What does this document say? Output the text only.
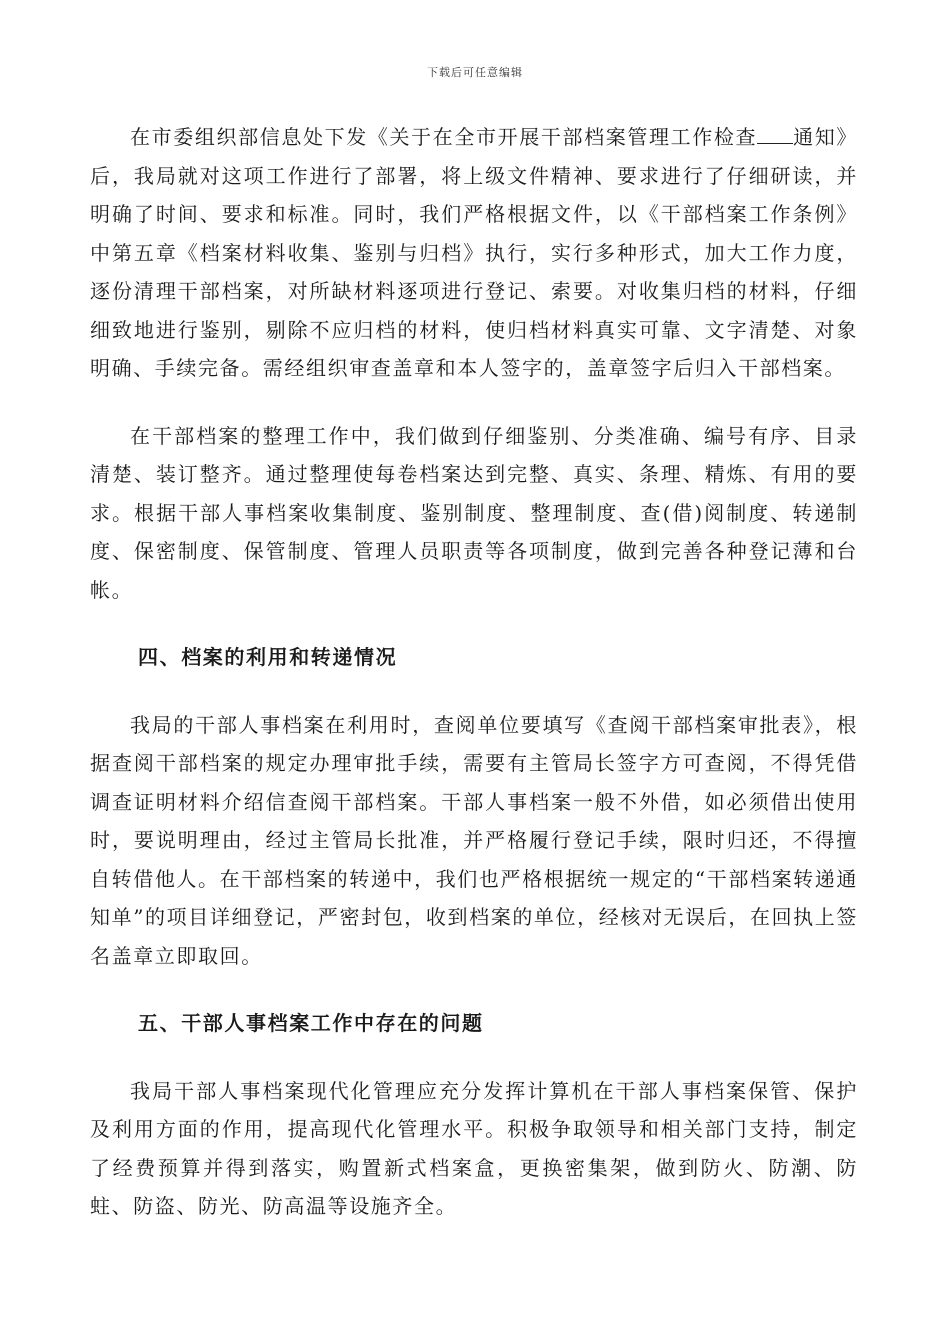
下载后可任意编辑

在市委组织部信息处下发《关于在全市开展干部档案管理工作检查 通知》后，我局就对这项工作进行了部署，将上级文件精神、要求进行了仔细研读，并明确了时间、要求和标准。同时，我们严格根据文件，以《干部档案工作条例》中第五章《档案材料收集、鉴别与归档》执行，实行多种形式，加大工作力度，逐份清理干部档案，对所缺材料逐项进行登记、索要。对收集归档的材料，仔细细致地进行鉴别，剔除不应归档的材料，使归档材料真实可靠、文字清楚、对象明确、手续完备。需经组织审查盖章和本人签字的，盖章签字后归入干部档案。

在干部档案的整理工作中，我们做到仔细鉴别、分类准确、编号有序、目录清楚、装订整齐。通过整理使每卷档案达到完整、真实、条理、精炼、有用的要求。根据干部人事档案收集制度、鉴别制度、整理制度、查(借)阅制度、转递制度、保密制度、保管制度、管理人员职责等各项制度，做到完善各种登记薄和台帐。

四、档案的利用和转递情况

我局的干部人事档案在利用时，查阅单位要填写《查阅干部档案审批表》，根据查阅干部档案的规定办理审批手续，需要有主管局长签字方可查阅，不得凭借调查证明材料介绍信查阅干部档案。干部人事档案一般不外借，如必须借出使用时，要说明理由，经过主管局长批准，并严格履行登记手续，限时归还，不得擅自转借他人。在干部档案的转递中，我们也严格根据统一规定的“干部档案转递通知单”的项目详细登记，严密封包，收到档案的单位，经核对无误后，在回执上签名盖章立即取回。

五、干部人事档案工作中存在的问题

我局干部人事档案现代化管理应充分发挥计算机在干部人事档案保管、保护及利用方面的作用，提高现代化管理水平。积极争取领导和相关部门支持，制定了经费预算并得到落实，购置新式档案盒，更换密集架，做到防火、防潮、防蛀、防盗、防光、防高温等设施齐全。
